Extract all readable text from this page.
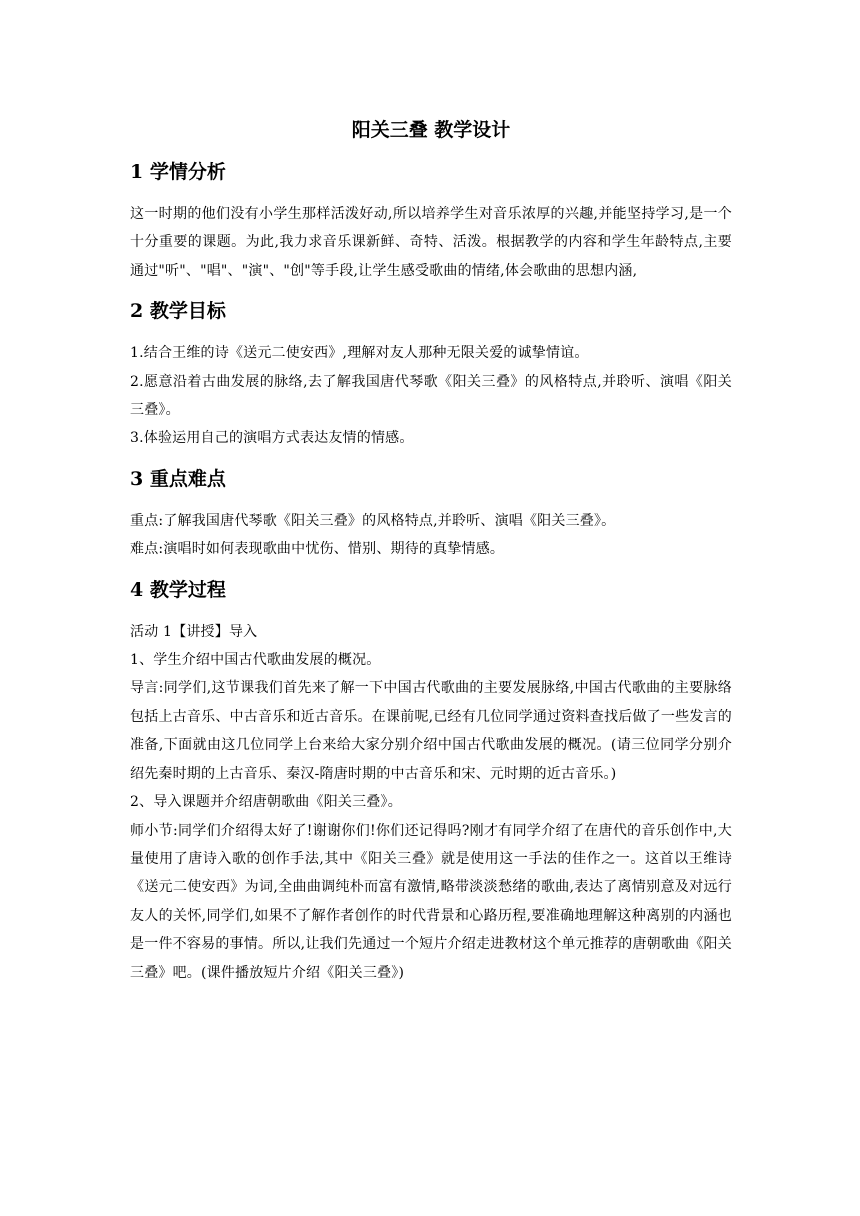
阳关三叠 教学设计
1 学情分析

这一时期的他们没有小学生那样活泼好动,所以培养学生对音乐浓厚的兴趣,并能坚持学习,是一个十分重要的课题。为此,我力求音乐课新鲜、奇特、活泼。根据教学的内容和学生年龄特点,主要通过"听"、"唱"、"演"、"创"等手段,让学生感受歌曲的情绪,体会歌曲的思想内涵,

2 教学目标

1.结合王维的诗《送元二使安西》,理解对友人那种无限关爱的诚挚情谊。

2.愿意沿着古曲发展的脉络,去了解我国唐代琴歌《阳关三叠》的风格特点,并聆听、演唱《阳关三叠》。

3.体验运用自己的演唱方式表达友情的情感。

3 重点难点

重点:了解我国唐代琴歌《阳关三叠》的风格特点,并聆听、演唱《阳关三叠》。

难点:演唱时如何表现歌曲中忧伤、惜别、期待的真挚情感。

4 教学过程

活动 1【讲授】导入

1、学生介绍中国古代歌曲发展的概况。

导言:同学们,这节课我们首先来了解一下中国古代歌曲的主要发展脉络,中国古代歌曲的主要脉络包括上古音乐、中古音乐和近古音乐。在课前呢,已经有几位同学通过资料查找后做了一些发言的准备,下面就由这几位同学上台来给大家分别介绍中国古代歌曲发展的概况。(请三位同学分别介绍先秦时期的上古音乐、秦汉-隋唐时期的中古音乐和宋、元时期的近古音乐。)

2、导入课题并介绍唐朝歌曲《阳关三叠》。

师小节:同学们介绍得太好了!谢谢你们!你们还记得吗?刚才有同学介绍了在唐代的音乐创作中,大量使用了唐诗入歌的创作手法,其中《阳关三叠》就是使用这一手法的佳作之一。这首以王维诗《送元二使安西》为词,全曲曲调纯朴而富有激情,略带淡淡愁绪的歌曲,表达了离情别意及对远行友人的关怀,同学们,如果不了解作者创作的时代背景和心路历程,要准确地理解这种离别的内涵也是一件不容易的事情。所以,让我们先通过一个短片介绍走进教材这个单元推荐的唐朝歌曲《阳关三叠》吧。(课件播放短片介绍《阳关三叠》)
